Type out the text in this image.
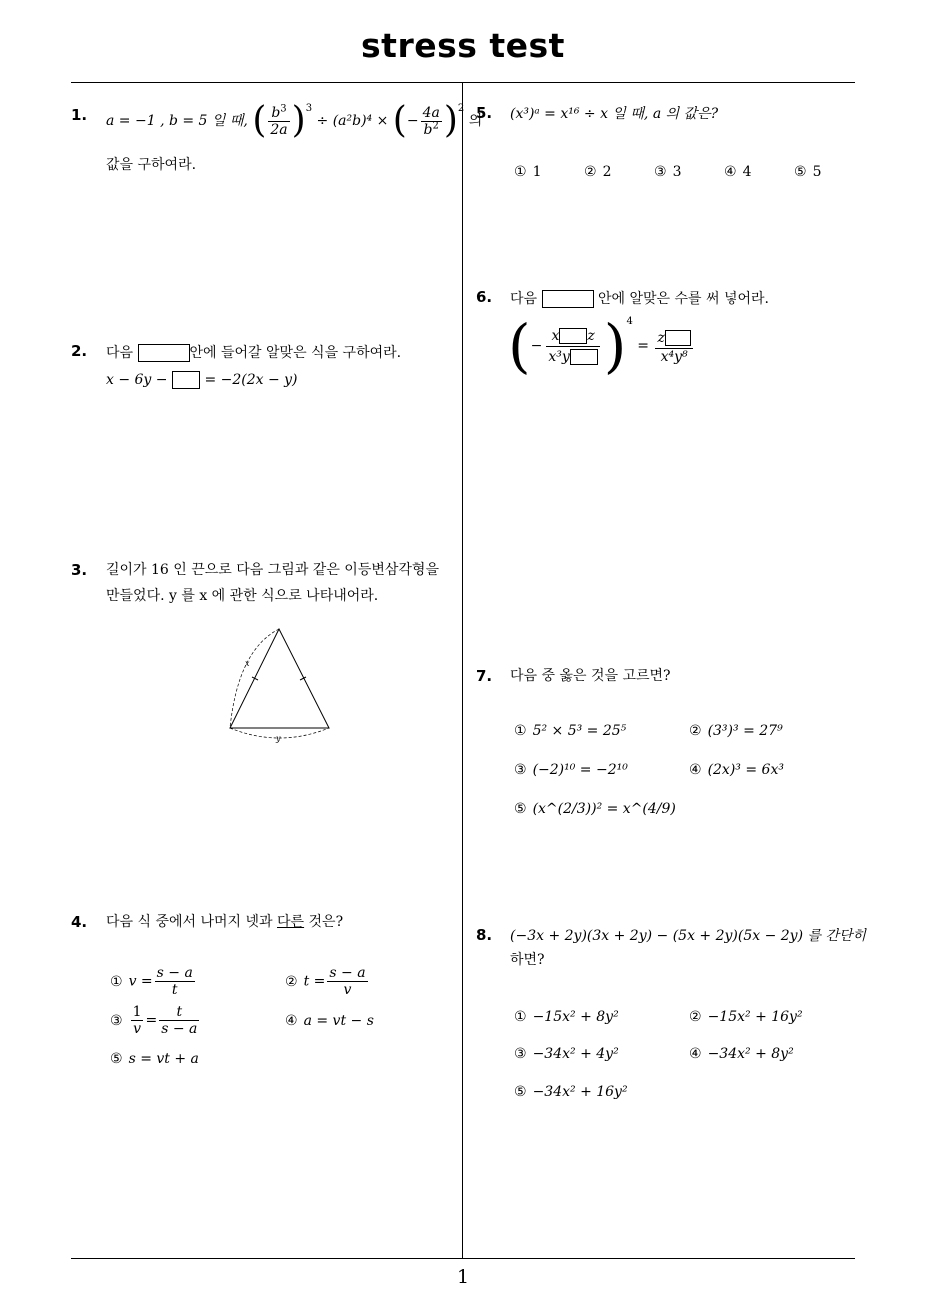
stress test
1
1. a = −1 , b = 5 일 때, ( $\frac{b^3}{2a} )^3 \div (a^2b)^4$ × (− $\frac{4a}{b^2} )^2$ 의
값을 구하여라.
2. 다음	안에 들어갈 알맞은 식을 구하여라.
x − 6y −	= −2(2x − y)
3. 길이가 16 인 끈으로 다음 그림과 같은 이등변삼각형을
만들었다. y 를 x 에 관한 식으로 나타내어라.
x
y
4. 다음 식 중에서 나머지 넷과 다른 것은?
① $v = \frac{s - a}{t}$	② $t = \frac{s - a}{v}$
③ $\frac{1}{v} = \frac{t}{s - a}$	④ a = vt − s
⑤ s = vt + a
5. (x³)ᵃ = x¹⁶ ÷ x 일 때, a 의 값은?
① 1	② 2	③ 3	④ 4	⑤ 5
6. 다음	안에 알맞은 수를 써 넣어라.
(− $\frac{\text{x z}}{\text{x³y}} )^4 = \frac{z}{\text{x⁴y⁸}}$
7. 다음 중 옳은 것을 고르면?
① 5² × 5³ = 25⁵	② (3³)³ = 27⁹
③ (−2)¹⁰ = −2¹⁰	④ (2x)³ = 6x³
⑤ (x^(2/3))² = x^(4/9)
8. (−3x + 2y)(3x + 2y) − (5x + 2y)(5x − 2y) 를 간단히
하면?
① −15x² + 8y²	② −15x² + 16y²
③ −34x² + 4y²	④ −34x² + 8y²
⑤ −34x² + 16y²
